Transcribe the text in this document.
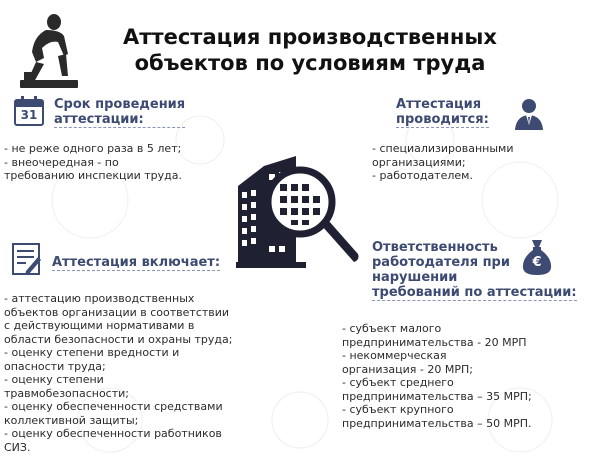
Аттестация производственных
объектов по условиям труда
31
Срок проведения
аттестации:
- не реже одного раза в 5 лет;
- внеочередная - по
требованию инспекции труда.
Аттестация
проводится:
- специализированными
организациями;
- работодателем.
Аттестация включает:
- аттестацию производственных
объектов организации в соответствии
с действующими нормативами в
области безопасности и охраны труда;
- оценку степени вредности и
опасности труда;
- оценку степени
травмобезопасности;
- оценку обеспеченности средствами
коллективной защиты;
- оценку обеспеченности работников
СИЗ.
Ответственность
работодателя при
нарушении
требований по аттестации:
€
- субъект малого
предпринимательства - 20 МРП
- некоммерческая
организация - 20 МРП;
- субъект среднего
предпринимательства – 35 МРП;
- субъект крупного
предпринимательства – 50 МРП.
